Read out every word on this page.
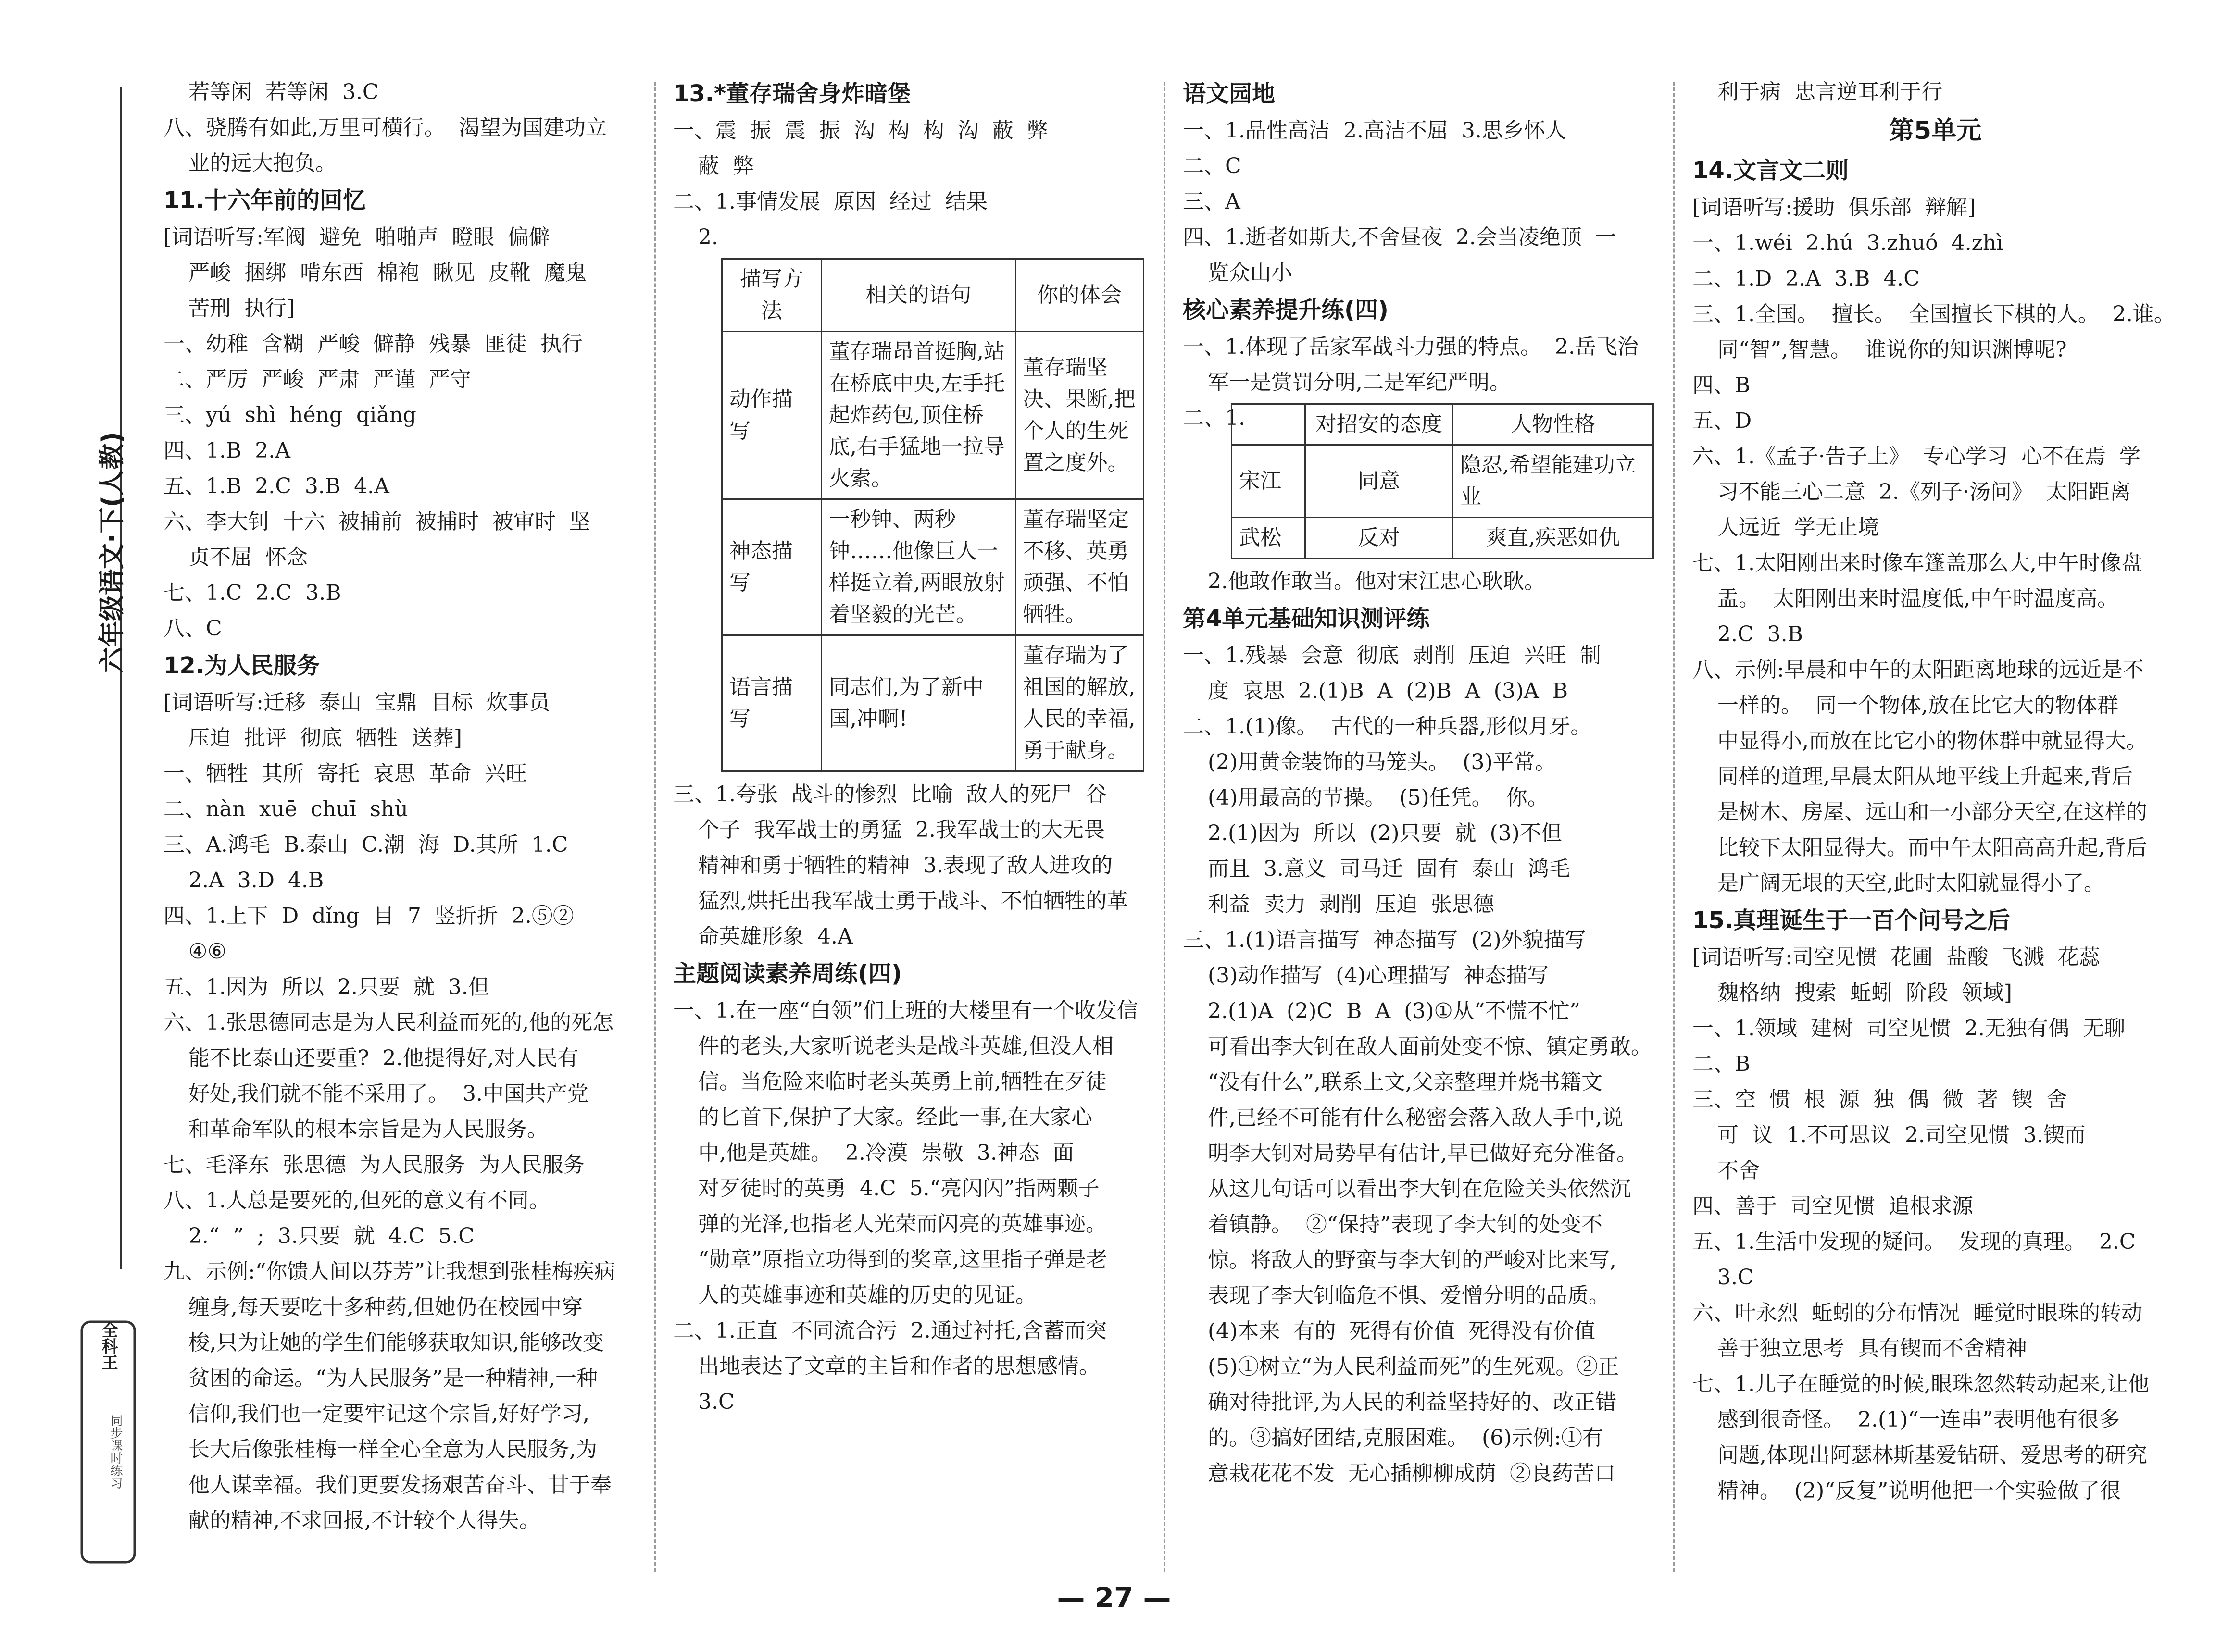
六年级语文·下(人教)
全科王
同步课时练习
若等闲  若等闲  3.C
八、骁腾有如此,万里可横行。  渴望为国建功立
业的远大抱负。
11.十六年前的回忆
[词语听写:军阀  避免  啪啪声  瞪眼  偏僻
严峻  捆绑  啃东西  棉袍  瞅见  皮靴  魔鬼
苦刑  执行]
一、幼稚  含糊  严峻  僻静  残暴  匪徒  执行
二、严厉  严峻  严肃  严谨  严守
三、yú  shì  héng  qiǎng
四、1.B  2.A
五、1.B  2.C  3.B  4.A
六、李大钊  十六  被捕前  被捕时  被审时  坚
贞不屈  怀念
七、1.C  2.C  3.B
八、C
12.为人民服务
[词语听写:迁移  泰山  宝鼎  目标  炊事员
压迫  批评  彻底  牺牲  送葬]
一、牺牲  其所  寄托  哀思  革命  兴旺
二、nàn  xuē  chuī  shù
三、A.鸿毛  B.泰山  C.潮  海  D.其所  1.C
2.A  3.D  4.B
四、1.上下  D  dǐng  目  7  竖折折  2.⑤②
④⑥
五、1.因为  所以  2.只要  就  3.但
六、1.张思德同志是为人民利益而死的,他的死怎
能不比泰山还要重?  2.他提得好,对人民有
好处,我们就不能不采用了。  3.中国共产党
和革命军队的根本宗旨是为人民服务。
七、毛泽东  张思德  为人民服务  为人民服务
八、1.人总是要死的,但死的意义有不同。
2.“  ”  ;  3.只要  就  4.C  5.C
九、示例:“你馈人间以芬芳”让我想到张桂梅疾病
缠身,每天要吃十多种药,但她仍在校园中穿
梭,只为让她的学生们能够获取知识,能够改变
贫困的命运。“为人民服务”是一种精神,一种
信仰,我们也一定要牢记这个宗旨,好好学习,
长大后像张桂梅一样全心全意为人民服务,为
他人谋幸福。我们更要发扬艰苦奋斗、甘于奉
献的精神,不求回报,不计较个人得失。
13.*董存瑞舍身炸暗堡
一、震  振  震  振  沟  构  构  沟  蔽  弊
蔽  弊
二、1.事情发展  原因  经过  结果
2.
描写方法	相关的语句	你的体会
动作描写	董存瑞昂首挺胸,站在桥底中央,左手托起炸药包,顶住桥底,右手猛地一拉导火索。	董存瑞坚决、果断,把个人的生死置之度外。
神态描写	一秒钟、两秒钟……他像巨人一样挺立着,两眼放射着坚毅的光芒。	董存瑞坚定不移、英勇顽强、不怕牺牲。
语言描写	同志们,为了新中国,冲啊!	董存瑞为了祖国的解放,人民的幸福,勇于献身。
三、1.夸张  战斗的惨烈  比喻  敌人的死尸  谷
个子  我军战士的勇猛  2.我军战士的大无畏
精神和勇于牺牲的精神  3.表现了敌人进攻的
猛烈,烘托出我军战士勇于战斗、不怕牺牲的革
命英雄形象  4.A
主题阅读素养周练(四)
一、1.在一座“白领”们上班的大楼里有一个收发信
件的老头,大家听说老头是战斗英雄,但没人相
信。当危险来临时老头英勇上前,牺牲在歹徒
的匕首下,保护了大家。经此一事,在大家心
中,他是英雄。  2.冷漠  崇敬  3.神态  面
对歹徒时的英勇  4.C  5.“亮闪闪”指两颗子
弹的光泽,也指老人光荣而闪亮的英雄事迹。
“勋章”原指立功得到的奖章,这里指子弹是老
人的英雄事迹和英雄的历史的见证。
二、1.正直  不同流合污  2.通过衬托,含蓄而突
出地表达了文章的主旨和作者的思想感情。
3.C
语文园地
一、1.品性高洁  2.高洁不屈  3.思乡怀人
二、C
三、A
四、1.逝者如斯夫,不舍昼夜  2.会当凌绝顶  一
览众山小
核心素养提升练(四)
一、1.体现了岳家军战斗力强的特点。  2.岳飞治
军一是赏罚分明,二是军纪严明。
二、1.
		对招安的态度	人物性格
宋江	同意	隐忍,希望能建功立业
武松	反对	爽直,疾恶如仇
2.他敢作敢当。他对宋江忠心耿耿。
第4单元基础知识测评练
一、1.残暴  会意  彻底  剥削  压迫  兴旺  制
度  哀思  2.(1)B  A  (2)B  A  (3)A  B
二、1.(1)像。  古代的一种兵器,形似月牙。
(2)用黄金装饰的马笼头。  (3)平常。
(4)用最高的节操。  (5)任凭。  你。
2.(1)因为  所以  (2)只要  就  (3)不但
而且  3.意义  司马迁  固有  泰山  鸿毛
利益  卖力  剥削  压迫  张思德
三、1.(1)语言描写  神态描写  (2)外貌描写
(3)动作描写  (4)心理描写  神态描写
2.(1)A  (2)C  B  A  (3)①从“不慌不忙”
可看出李大钊在敌人面前处变不惊、镇定勇敢。
“没有什么”,联系上文,父亲整理并烧书籍文
件,已经不可能有什么秘密会落入敌人手中,说
明李大钊对局势早有估计,早已做好充分准备。
从这儿句话可以看出李大钊在危险关头依然沉
着镇静。  ②“保持”表现了李大钊的处变不
惊。将敌人的野蛮与李大钊的严峻对比来写,
表现了李大钊临危不惧、爱憎分明的品质。
(4)本来  有的  死得有价值  死得没有价值
(5)①树立“为人民利益而死”的生死观。②正
确对待批评,为人民的利益坚持好的、改正错
的。③搞好团结,克服困难。  (6)示例:①有
意栽花花不发  无心插柳柳成荫  ②良药苦口
利于病  忠言逆耳利于行
第5单元
14.文言文二则
[词语听写:援助  俱乐部  辩解]
一、1.wéi  2.hú  3.zhuó  4.zhì
二、1.D  2.A  3.B  4.C
三、1.全国。  擅长。  全国擅长下棋的人。  2.谁。
同“智”,智慧。  谁说你的知识渊博呢?
四、B
五、D
六、1.《孟子·告子上》  专心学习  心不在焉  学
习不能三心二意  2.《列子·汤问》  太阳距离
人远近  学无止境
七、1.太阳刚出来时像车篷盖那么大,中午时像盘
盂。  太阳刚出来时温度低,中午时温度高。
2.C  3.B
八、示例:早晨和中午的太阳距离地球的远近是不
一样的。  同一个物体,放在比它大的物体群
中显得小,而放在比它小的物体群中就显得大。
同样的道理,早晨太阳从地平线上升起来,背后
是树木、房屋、远山和一小部分天空,在这样的
比较下太阳显得大。而中午太阳高高升起,背后
是广阔无垠的天空,此时太阳就显得小了。
15.真理诞生于一百个问号之后
[词语听写:司空见惯  花圃  盐酸  飞溅  花蕊
魏格纳  搜索  蚯蚓  阶段  领域]
一、1.领域  建树  司空见惯  2.无独有偶  无聊
二、B
三、空  惯  根  源  独  偶  微  著  锲  舍
可  议  1.不可思议  2.司空见惯  3.锲而
不舍
四、善于  司空见惯  追根求源
五、1.生活中发现的疑问。  发现的真理。  2.C
3.C
六、叶永烈  蚯蚓的分布情况  睡觉时眼珠的转动
善于独立思考  具有锲而不舍精神
七、1.儿子在睡觉的时候,眼珠忽然转动起来,让他
感到很奇怪。  2.(1)“一连串”表明他有很多
问题,体现出阿瑟林斯基爱钻研、爱思考的研究
精神。  (2)“反复”说明他把一个实验做了很
— 27 —
